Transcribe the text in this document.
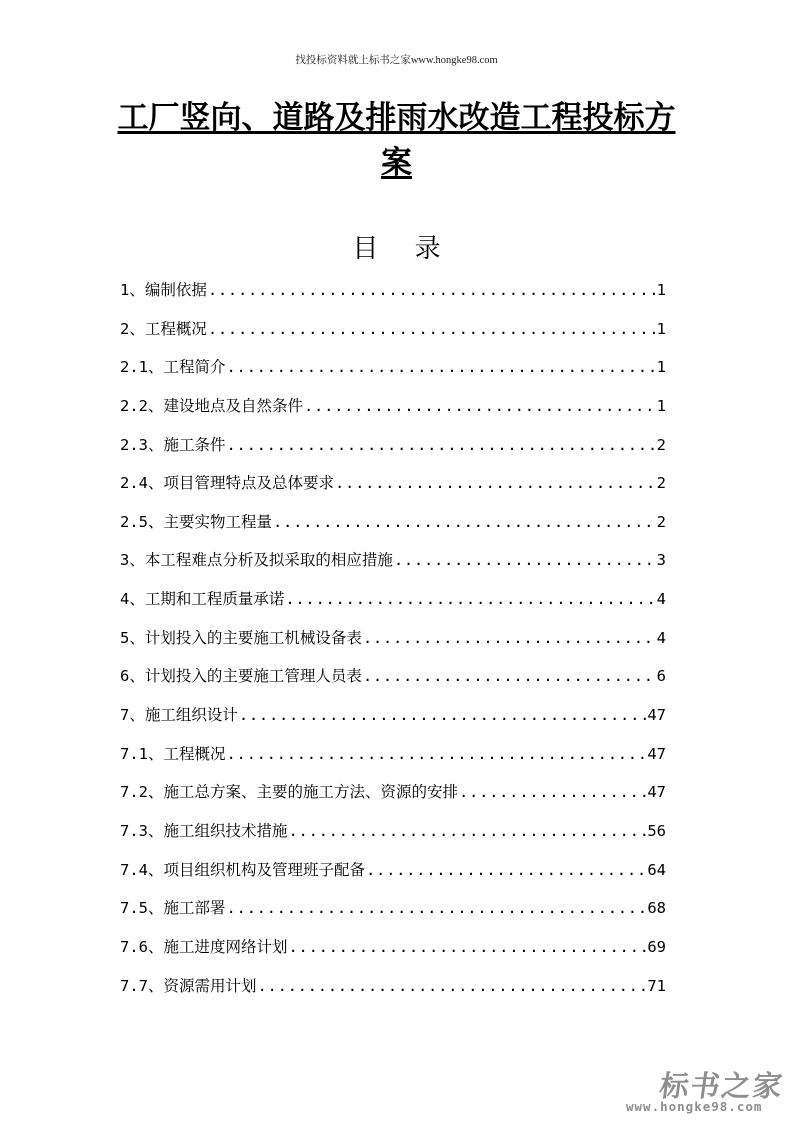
找投标资料就上标书之家www.hongke98.com
工厂竖向、道路及排雨水改造工程投标方案
目 录
1、编制依据 .....	1
2、工程概况 .....	1
2.1、工程简介 .....	1
2.2、建设地点及自然条件 .....	1
2.3、施工条件 .....	2
2.4、项目管理特点及总体要求 .....	2
2.5、主要实物工程量 .....	2
3、本工程难点分析及拟采取的相应措施 .....	3
4、工期和工程质量承诺 .....	4
5、计划投入的主要施工机械设备表 .....	4
6、计划投入的主要施工管理人员表 .....	6
7、施工组织设计 .....	47
7.1、工程概况 .....	47
7.2、施工总方案、主要的施工方法、资源的安排 .....	47
7.3、施工组织技术措施 .....	56
7.4、项目组织机构及管理班子配备 .....	64
7.5、施工部署 .....	68
7.6、施工进度网络计划 .....	69
7.7、资源需用计划 .....	71
标书之家
www.hongke98.com
